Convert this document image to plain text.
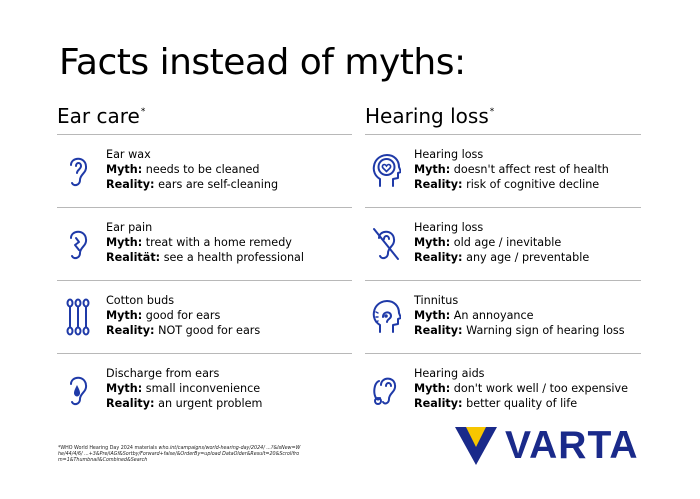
Facts instead of myths:
Ear care*
Ear wax
Myth: needs to be cleaned
Reality: ears are self-cleaning
Ear pain
Myth: treat with a home remedy
Realität: see a health professional
Cotton buds
Myth: good for ears
Reality: NOT good for ears
Discharge from ears
Myth: small inconvenience
Reality: an urgent problem
Hearing loss*
Hearing loss
Myth: doesn't affect rest of health
Reality: risk of cognitive decline
Hearing loss
Myth: old age / inevitable
Reality: any age / preventable
Tinnitus
Myth: An annoyance
Reality: Warning sign of hearing loss
Hearing aids
Myth: don't work well / too expensive
Reality: better quality of life
*WHO World Hearing Day 2024 materials who.int/campaigns/world-hearing-day/2024/ ...?&IsNew=Whe/44/4/6/ ...+3&Pre/iAGf&Sortby/Forward+false/&OrderBy=upload DataOlder&Result=20&Scrollfrom=1&Thumbnail&Combined&Search	VARTA
